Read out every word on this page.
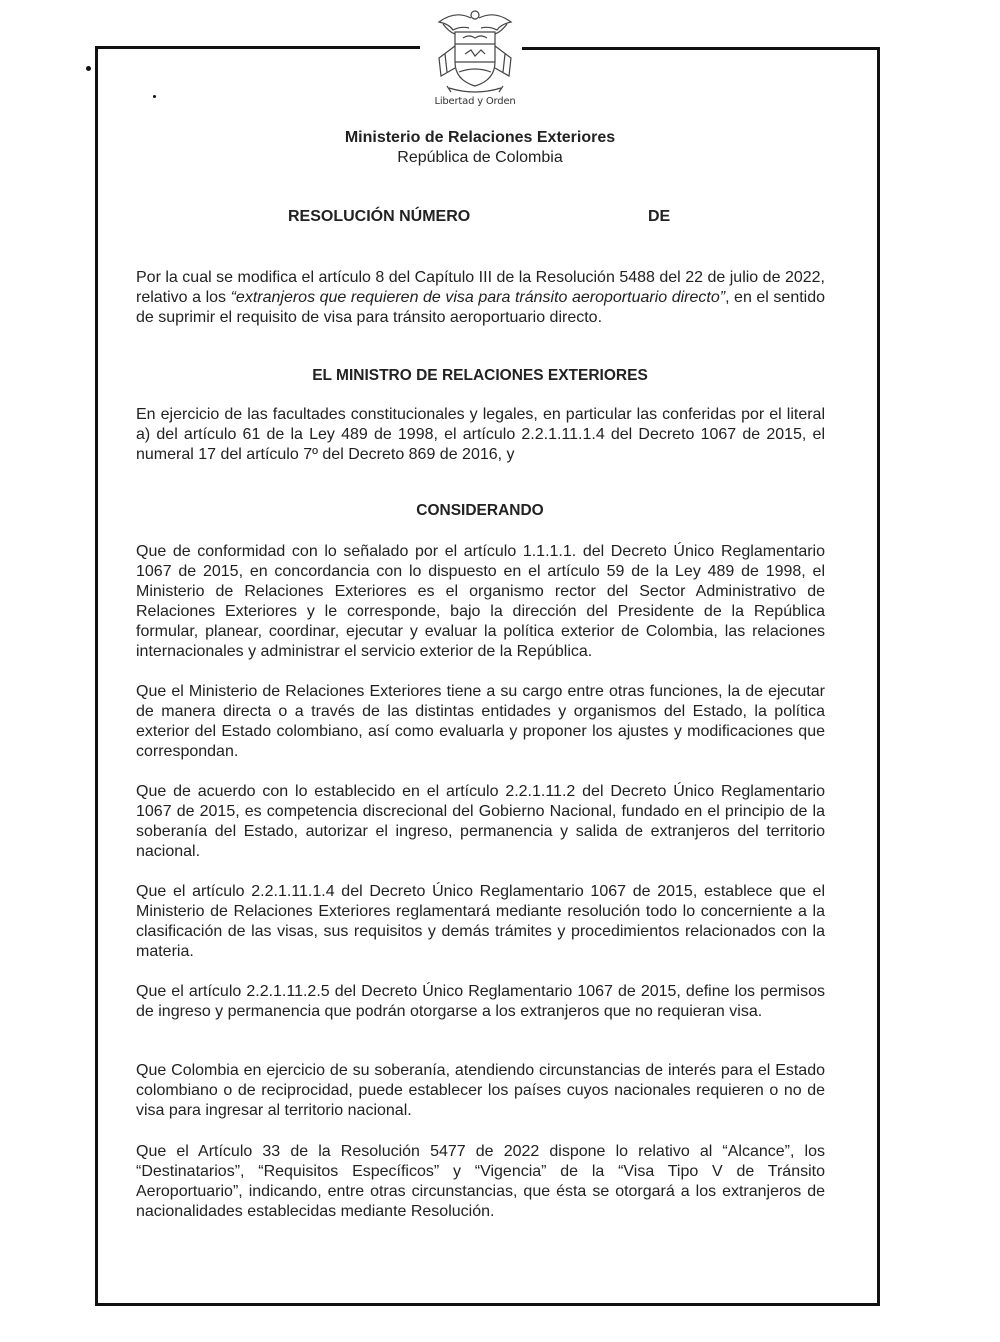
Libertad y Orden
Ministerio de Relaciones Exteriores
República de Colombia
RESOLUCIÓN NÚMERO	DE

Por la cual se modifica el artículo 8 del Capítulo III de la Resolución 5488 del 22 de julio de 2022, relativo a los “extranjeros que requieren de visa para tránsito aeroportuario directo”, en el sentido de suprimir el requisito de visa para tránsito aeroportuario directo.

EL MINISTRO DE RELACIONES EXTERIORES

En ejercicio de las facultades constitucionales y legales, en particular las conferidas por el literal a) del artículo 61 de la Ley 489 de 1998, el artículo 2.2.1.11.1.4 del Decreto 1067 de 2015, el numeral 17 del artículo 7º del Decreto 869 de 2016, y

CONSIDERANDO

Que de conformidad con lo señalado por el artículo 1.1.1.1. del Decreto Único Reglamentario 1067 de 2015, en concordancia con lo dispuesto en el artículo 59 de la Ley 489 de 1998, el Ministerio de Relaciones Exteriores es el organismo rector del Sector Administrativo de Relaciones Exteriores y le corresponde, bajo la dirección del Presidente de la República formular, planear, coordinar, ejecutar y evaluar la política exterior de Colombia, las relaciones internacionales y administrar el servicio exterior de la República.

Que el Ministerio de Relaciones Exteriores tiene a su cargo entre otras funciones, la de ejecutar de manera directa o a través de las distintas entidades y organismos del Estado, la política exterior del Estado colombiano, así como evaluarla y proponer los ajustes y modificaciones que correspondan.

Que de acuerdo con lo establecido en el artículo 2.2.1.11.2 del Decreto Único Reglamentario 1067 de 2015, es competencia discrecional del Gobierno Nacional, fundado en el principio de la soberanía del Estado, autorizar el ingreso, permanencia y salida de extranjeros del territorio nacional.

Que el artículo 2.2.1.11.1.4 del Decreto Único Reglamentario 1067 de 2015, establece que el Ministerio de Relaciones Exteriores reglamentará mediante resolución todo lo concerniente a la clasificación de las visas, sus requisitos y demás trámites y procedimientos relacionados con la materia.

Que el artículo 2.2.1.11.2.5 del Decreto Único Reglamentario 1067 de 2015, define los permisos de ingreso y permanencia que podrán otorgarse a los extranjeros que no requieran visa.

Que Colombia en ejercicio de su soberanía, atendiendo circunstancias de interés para el Estado colombiano o de reciprocidad, puede establecer los países cuyos nacionales requieren o no de visa para ingresar al territorio nacional.

Que el Artículo 33 de la Resolución 5477 de 2022 dispone lo relativo al “Alcance”, los “Destinatarios”, “Requisitos Específicos” y “Vigencia” de la “Visa Tipo V de Tránsito Aeroportuario”, indicando, entre otras circunstancias, que ésta se otorgará a los extranjeros de nacionalidades establecidas mediante Resolución.
